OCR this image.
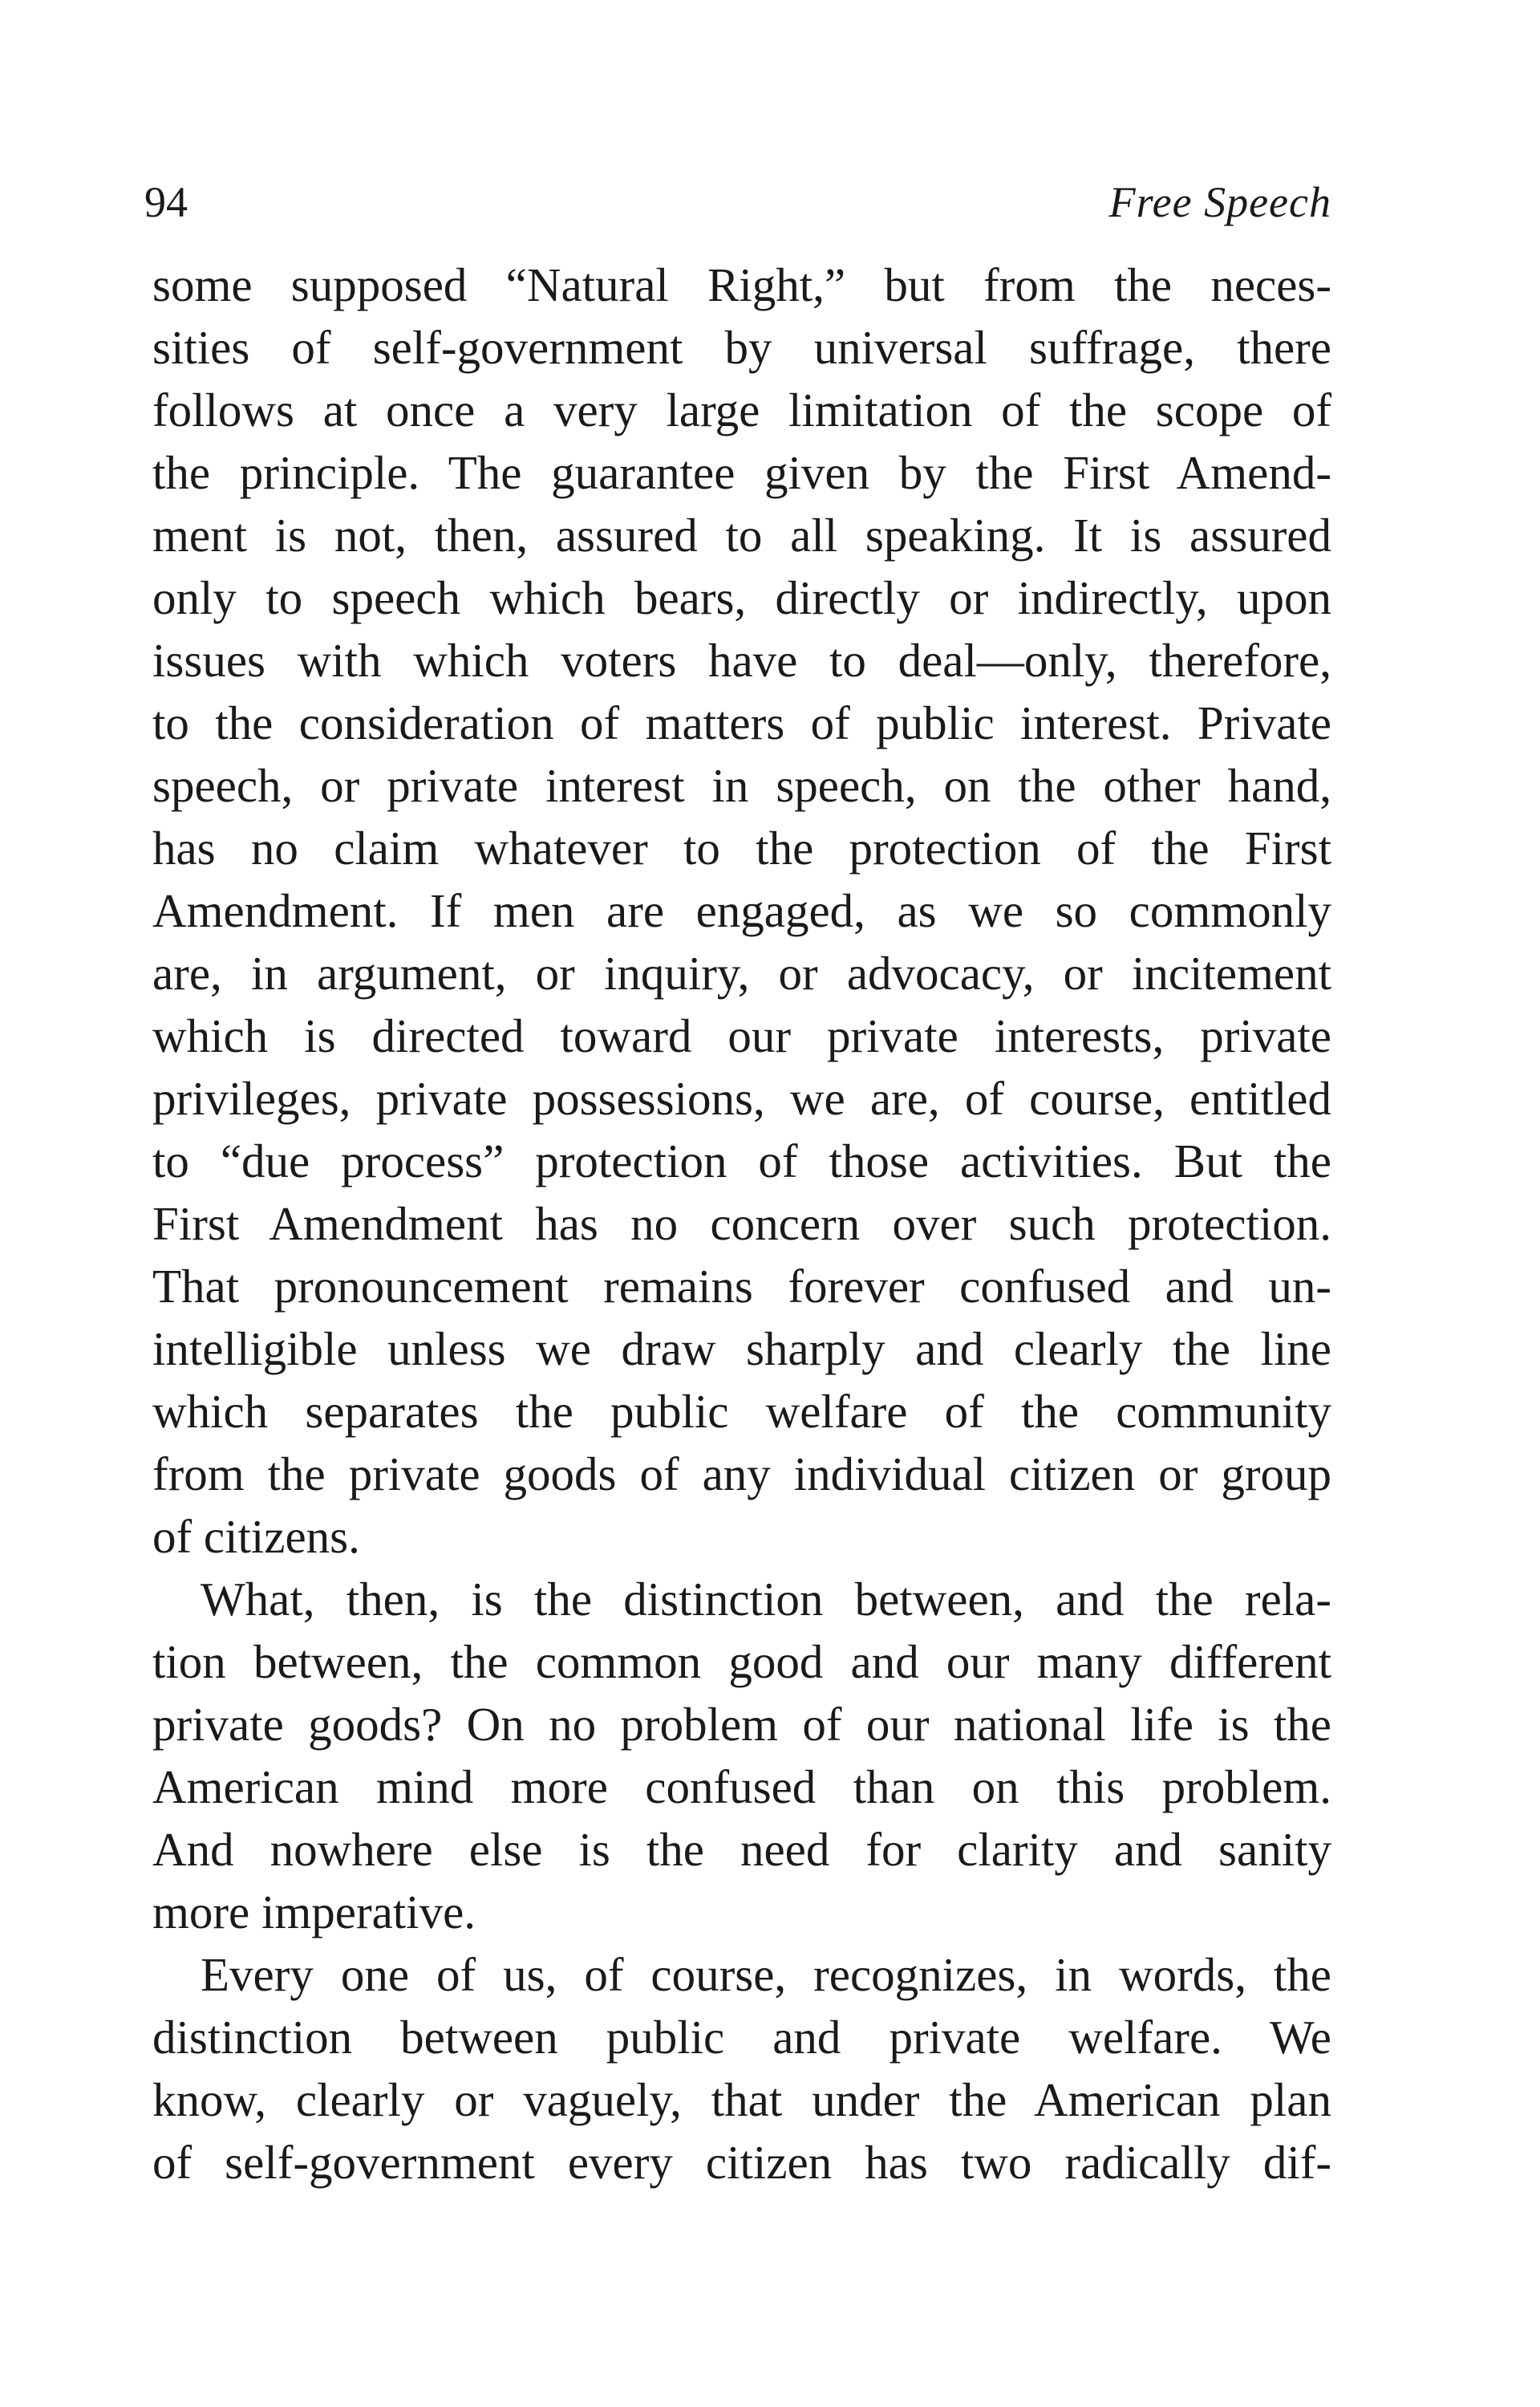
94	Free Speech
some supposed “Natural Right,” but from the neces-
sities of self-government by universal suffrage, there
follows at once a very large limitation of the scope of
the principle. The guarantee given by the First Amend-
ment is not, then, assured to all speaking. It is assured
only to speech which bears, directly or indirectly, upon
issues with which voters have to deal—only, therefore,
to the consideration of matters of public interest. Private
speech, or private interest in speech, on the other hand,
has no claim whatever to the protection of the First
Amendment. If men are engaged, as we so commonly
are, in argument, or inquiry, or advocacy, or incitement
which is directed toward our private interests, private
privileges, private possessions, we are, of course, entitled
to “due process” protection of those activities. But the
First Amendment has no concern over such protection.
That pronouncement remains forever confused and un-
intelligible unless we draw sharply and clearly the line
which separates the public welfare of the community
from the private goods of any individual citizen or group
of citizens.
What, then, is the distinction between, and the rela-
tion between, the common good and our many different
private goods? On no problem of our national life is the
American mind more confused than on this problem.
And nowhere else is the need for clarity and sanity
more imperative.
Every one of us, of course, recognizes, in words, the
distinction between public and private welfare. We
know, clearly or vaguely, that under the American plan
of self-government every citizen has two radically dif-
